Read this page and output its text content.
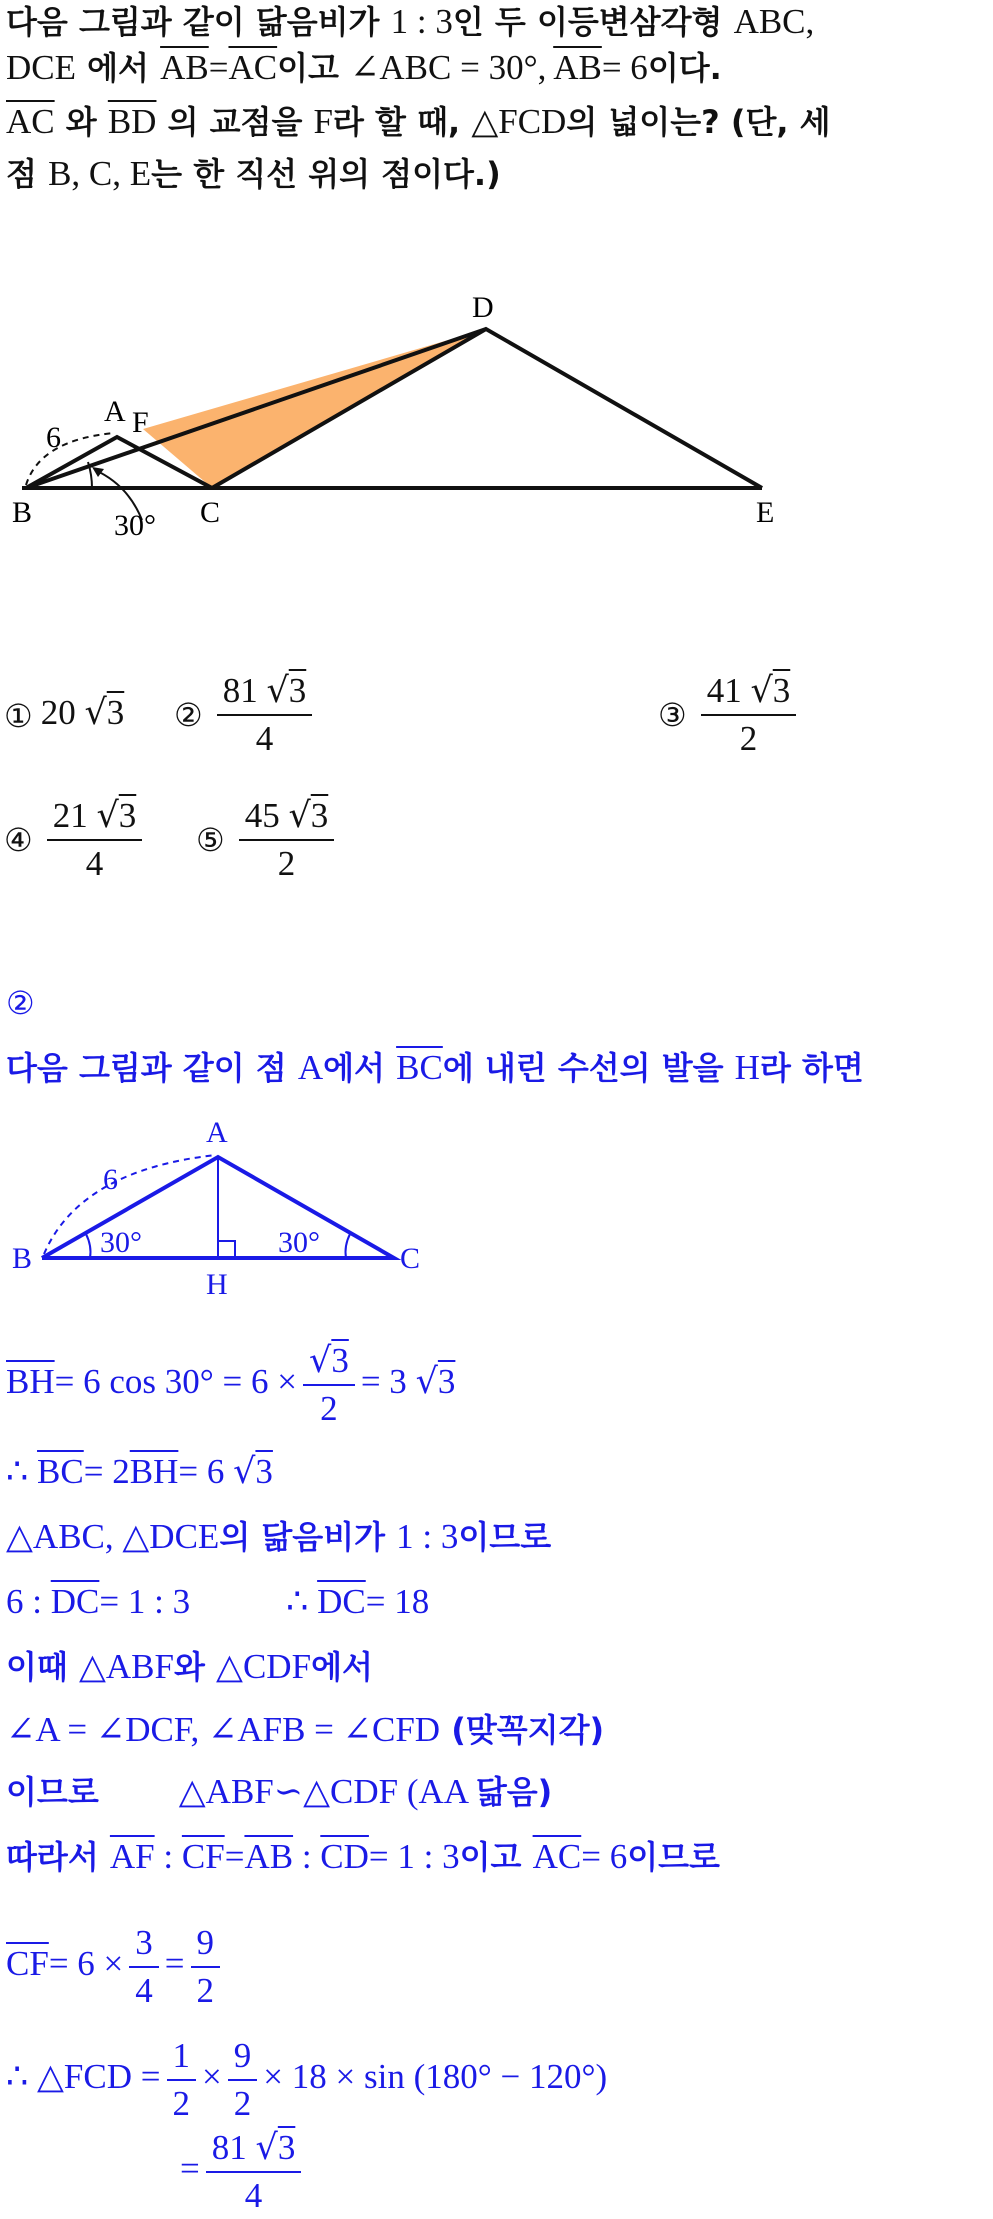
다음 그림과 같이 닮음비가 1 : 3인 두 이등변삼각형 ABC,
DCE 에서 $\overline{AB}=\overline{AC}$이고 ∠ABC = 30°, $\overline{AB}= 6$이다.
$\overline{AC}$ 와 $\overline{BD}$ 의 교점을 F라 할 때, △FCD의 넓이는? (단, 세
점 B, C, E는 한 직선 위의 점이다.)
D
A F
6
B	C	E
30°
① 20 √3 ② $\frac{81 √3}{4}$	③ $\frac{41 √3}{2}$
④ $\frac{21 √3}{4}$ ⑤ $\frac{45 √3}{2}$
②
다음 그림과 같이 점 A에서 $\overline{BC}$에 내린 수선의 발을 H라 하면
A
6
B 30°	30°	C
H
$\overline{BH}= 6$ $\cos 30^\circ = 6 \times \frac{√3}{2} = 3$ √3
∴ $\overline{BC}= 2\overline{BH}= 6$ √3
△ABC, △DCE의 닮음비가 1 : 3이므로
6 : $\overline{DC}= 1$ : 3	∴ $\overline{DC}= 18$
이때 △ABF와 △CDF에서
∠A = ∠DCF, ∠AFB = ∠CFD (맞꼭지각)
이므로 △ABF∽△CDF (AA 닮음)
따라서 $\overline{AF}$ : $\overline{CF}=\overline{AB}$ : $\overline{CD}= 1$ : 3이고 $\overline{AC}= 6$이므로
$\overline{CF}= 6 \times \frac{3}{4} = \frac{9}{2}$
∴ △FCD = $\frac{1}{2} \times \frac{9}{2} \times 18 \times \sin (180^\circ - 120^\circ)$
= $\frac{81 √3}{4}$
